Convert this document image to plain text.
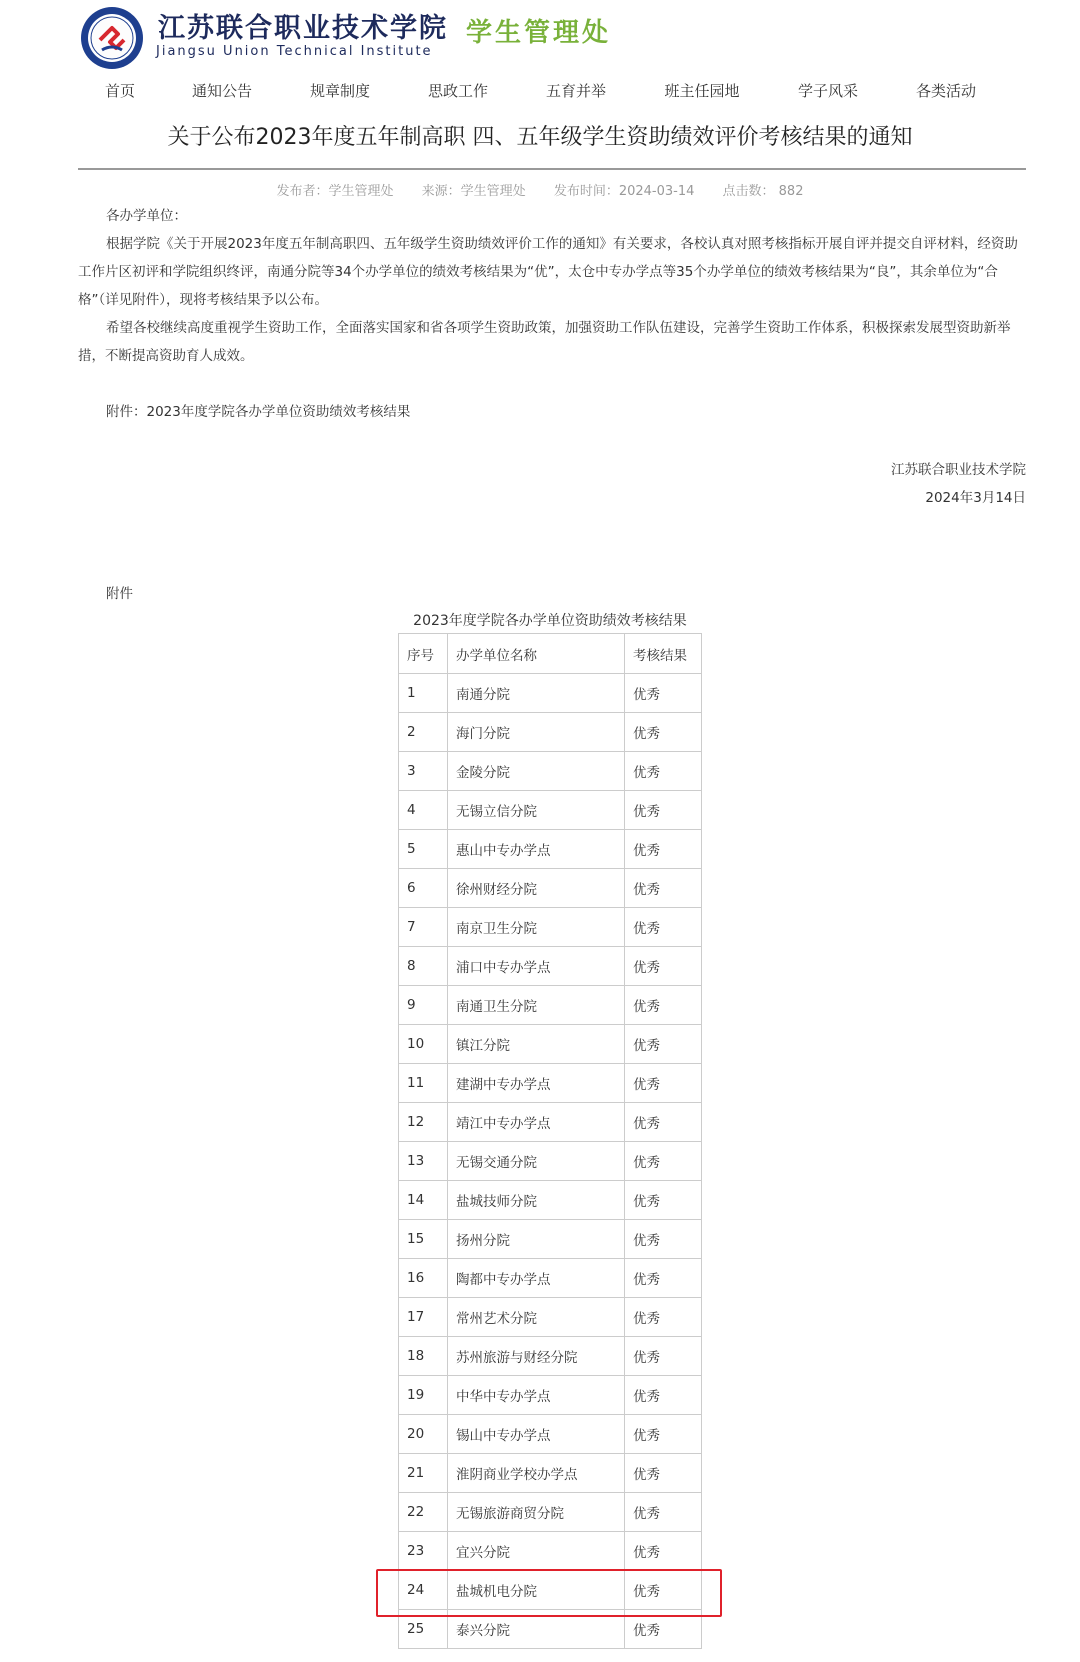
江苏联合职业技术学院
Jiangsu Union Technical Institute
学生管理处
首页	通知公告	规章制度	思政工作	五育并举	班主任园地	学子风采	各类活动
关于公布2023年度五年制高职 四、五年级学生资助绩效评价考核结果的通知
发布者：学生管理处 来源：学生管理处 发布时间：2024-03-14 点击数： 882

各办学单位：

根据学院《关于开展2023年度五年制高职四、五年级学生资助绩效评价工作的通知》有关要求，各校认真对照考核指标开展自评并提交自评材料，经资助工作片区初评和学院组织终评，南通分院等34个办学单位的绩效考核结果为“优”，太仓中专办学点等35个办学单位的绩效考核结果为“良”，其余单位为“合格”（详见附件），现将考核结果予以公布。

希望各校继续高度重视学生资助工作，全面落实国家和省各项学生资助政策，加强资助工作队伍建设，完善学生资助工作体系，积极探索发展型资助新举措，不断提高资助育人成效。

附件：2023年度学院各办学单位资助绩效考核结果

江苏联合职业技术学院
2024年3月14日
附件
2023年度学院各办学单位资助绩效考核结果
序号	办学单位名称	考核结果
1	南通分院	优秀
2	海门分院	优秀
3	金陵分院	优秀
4	无锡立信分院	优秀
5	惠山中专办学点	优秀
6	徐州财经分院	优秀
7	南京卫生分院	优秀
8	浦口中专办学点	优秀
9	南通卫生分院	优秀
10	镇江分院	优秀
11	建湖中专办学点	优秀
12	靖江中专办学点	优秀
13	无锡交通分院	优秀
14	盐城技师分院	优秀
15	扬州分院	优秀
16	陶都中专办学点	优秀
17	常州艺术分院	优秀
18	苏州旅游与财经分院	优秀
19	中华中专办学点	优秀
20	锡山中专办学点	优秀
21	淮阴商业学校办学点	优秀
22	无锡旅游商贸分院	优秀
23	宜兴分院	优秀
24	盐城机电分院	优秀
25	泰兴分院	优秀
